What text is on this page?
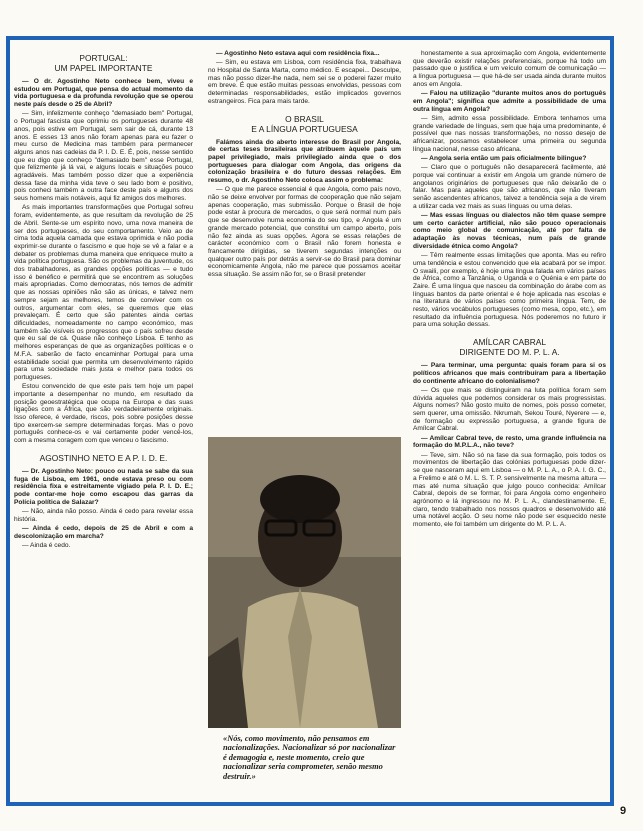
PORTUGAL:
UM PAPEL IMPORTANTE

— O dr. Agostinho Neto conhece bem, viveu e estudou em Portugal, que pensa do actual momento da vida portuguesa e da profunda revolução que se operou neste país desde o 25 de Abril?

— Sim, infelizmente conheço "demasiado bem" Portugal, o Portugal fascista que oprimiu os portugueses durante 48 anos, pois estive em Portugal, sem sair de cá, durante 13 anos. E esses 13 anos não foram apenas para eu fazer o meu curso de Medicina mas também para permanecer alguns anos nas cadeias da P. I. D. E. É, pois, nesse sentido que eu digo que conheço "demasiado bem" esse Portugal, que felizmente já lá vai, e alguns locais e situações pouco agradáveis. Mas também posso dizer que a experiência dessa fase da minha vida teve o seu lado bom e positivo, pois conheci também a outra face deste país e alguns dos seus homens mais notáveis, aqui fiz amigos dos melhores.

As mais importantes transformações que Portugal sofreu foram, evidentemente, as que resultam da revolução de 25 de Abril. Sente-se um espírito novo, uma nova maneira de ser dos portugueses, do seu comportamento. Veio ao de cima toda aquela camada que estava oprimida e não podia exprimir-se durante o fascismo e que hoje se vê a falar e a debater os problemas duma maneira que enriquece muito a vida política portuguesa. São os problemas da juventude, os dos trabalhadores, as grandes opções políticas — e tudo isso é benéfico e permitirá que se encontrem as soluções mais apropriadas. Como democratas, nós temos de admitir que as nossas opiniões não são as únicas, e talvez nem sempre sejam as melhores, temos de conviver com os outros, argumentar com eles, se queremos que elas prevaleçam. É certo que são patentes ainda certas dificuldades, nomeadamente no campo económico, mas também são visíveis os progressos que o país sofreu desde que eu saí de cá. Quase não conheço Lisboa. E tenho as melhores esperanças de que as organizações políticas e o M.F.A. saberão de facto encaminhar Portugal para uma estabilidade social que permita um desenvolvimento rápido para uma sociedade mais justa e melhor para todos os portugueses.

Estou convencido de que este país tem hoje um papel importante a desempenhar no mundo, em resultado da posição geoestratégica que ocupa na Europa e das suas ligações com a África, que são verdadeiramente originais. Isso oferece, é verdade, riscos, pois sobre posições desse tipo exercem-se sempre determinadas forças. Mas o povo português conhece-os e vai certamente poder vencê-los, com a mesma coragem com que venceu o fascismo.

AGOSTINHO NETO E A P. I. D. E.

— Dr. Agostinho Neto: pouco ou nada se sabe da sua fuga de Lisboa, em 1961, onde estava preso ou com residência fixa e estreitamente vigiado pela P. I. D. E.; pode contar-me hoje como escapou das garras da Polícia política de Salazar?

— Não, ainda não posso. Ainda é cedo para revelar essa história.

— Ainda é cedo, depois de 25 de Abril e com a descolonização em marcha?

— Ainda é cedo.

— Agostinho Neto estava aqui com residência fixa...

— Sim, eu estava em Lisboa, com residência fixa, trabalhava no Hospital de Santa Marta, como médico. E escapei... Desculpe, mas não posso dizer-lhe nada, nem sei se o poderei fazer muito em breve. É que estão muitas pessoas envolvidas, pessoas com determinadas responsabilidades, estão implicados governos estrangeiros. Fica para mais tarde.

O BRASIL
E A LÍNGUA PORTUGUESA

Falámos ainda do aberto interesse do Brasil por Angola, de certas teses brasileiras que atribuem àquele país um papel privilegiado, mais privilegiado ainda que o dos portugueses para dialogar com Angola, das origens da colonização brasileira e do futuro dessas relações. Em resumo, o dr. Agostinho Neto coloca assim o problema:

— O que me parece essencial é que Angola, como país novo, não se deixe envolver por formas de cooperação que não sejam apenas cooperação, mas submissão. Porque o Brasil de hoje pode estar à procura de mercados, o que será normal num país que se desenvolve numa economia do seu tipo, e Angola é um grande mercado potencial, que constitui um campo aberto, pois não fez ainda as suas opções. Agora se essas relações de carácter económico com o Brasil não forem honesta e francamente dirigidas, se tiverem segundas intenções ou qualquer outro país por detrás a servir-se do Brasil para dominar economicamente Angola, não me parece que possamos aceitar essa situação. Se assim não for, se o Brasil pretender

«Nós, como movimento, não pensamos em nacionalizações. Nacionalizar só por nacionalizar é demagogia e, neste momento, creio que nacionalizar seria comprometer, senão mesmo destruir.»

honestamente a sua aproximação com Angola, evidentemente que deverão existir relações preferenciais, porque há todo um passado que o justifica e um veículo comum de comunicação — a língua portuguesa — que há-de ser usada ainda durante muitos anos em Angola.

— Falou na utilização "durante muitos anos do português em Angola"; significa que admite a possibilidade de uma outra língua em Angola?

— Sim, admito essa possibilidade. Embora tenhamos uma grande variedade de línguas, sem que haja uma predominante, é possível que nas nossas transformações, no nosso desejo de africanizar, possamos estabelecer uma primeira ou segunda língua nacional, nesse caso africana.

— Angola seria então um país oficialmente bilingue?

— Claro que o português não desaparecerá facilmente, até porque vai continuar a existir em Angola um grande número de angolanos originários de portugueses que não deixarão de o falar. Mas para aqueles que são africanos, que não tiveram senão ascendentes africanos, talvez a tendência seja a de virem a utilizar cada vez mais as suas línguas ou uma delas.

— Mas essas línguas ou dialectos não têm quase sempre um certo carácter artificial, não são pouco operacionais como meio global de comunicação, até por falta de adaptação às novas técnicas, num país de grande diversidade étnica como Angola?

— Têm realmente essas limitações que aponta. Mas eu refiro uma tendência e estou convencido que ela acabará por se impor. O swaili, por exemplo, é hoje uma língua falada em vários países de África, como a Tanzânia, o Uganda e o Quénia e em parte do Zaire. É uma língua que nasceu da combinação do árabe com as línguas bantos da parte oriental e é hoje aplicada nas escolas e na literatura de vários países como primeira língua. Tem, de resto, vários vocábulos portugueses (como mesa, copo, etc.), em resultado da influência portuguesa. Nós poderemos no futuro ir para uma solução dessas.

AMÍLCAR CABRAL
DIRIGENTE DO M. P. L. A.

— Para terminar, uma pergunta: quais foram para si os políticos africanos que mais contribuíram para a libertação do continente africano do colonialismo?

— Os que mais se distinguiram na luta política foram sem dúvida aqueles que podemos considerar os mais progressistas. Alguns nomes? Não gosto muito de nomes, pois posso cometer, sem querer, uma omissão. Nkrumah, Sekou Touré, Nyerere — e, de formação ou expressão portuguesa, a grande figura de Amílcar Cabral.

— Amílcar Cabral teve, de resto, uma grande influência na formação do M.P.L.A., não teve?

— Teve, sim. Não só na fase da sua formação, pois todos os movimentos de libertação das colónias portuguesas pode dizer-se que nasceram aqui em Lisboa — o M. P. L. A., o P. A. I. G. C., a Frelimo e até o M. L. S. T. P. sensivelmente na mesma altura — mas até numa situação que julgo pouco conhecida: Amílcar Cabral, depois de se formar, foi para Angola como engenheiro agrónomo e lá ingressou no M. P. L. A., clandestinamente. E, claro, tendo trabalhado nos nossos quadros e desenvolvido até uma notável acção. O seu nome não pode ser esquecido neste momento, ele foi também um dirigente do M. P. L. A.

9
